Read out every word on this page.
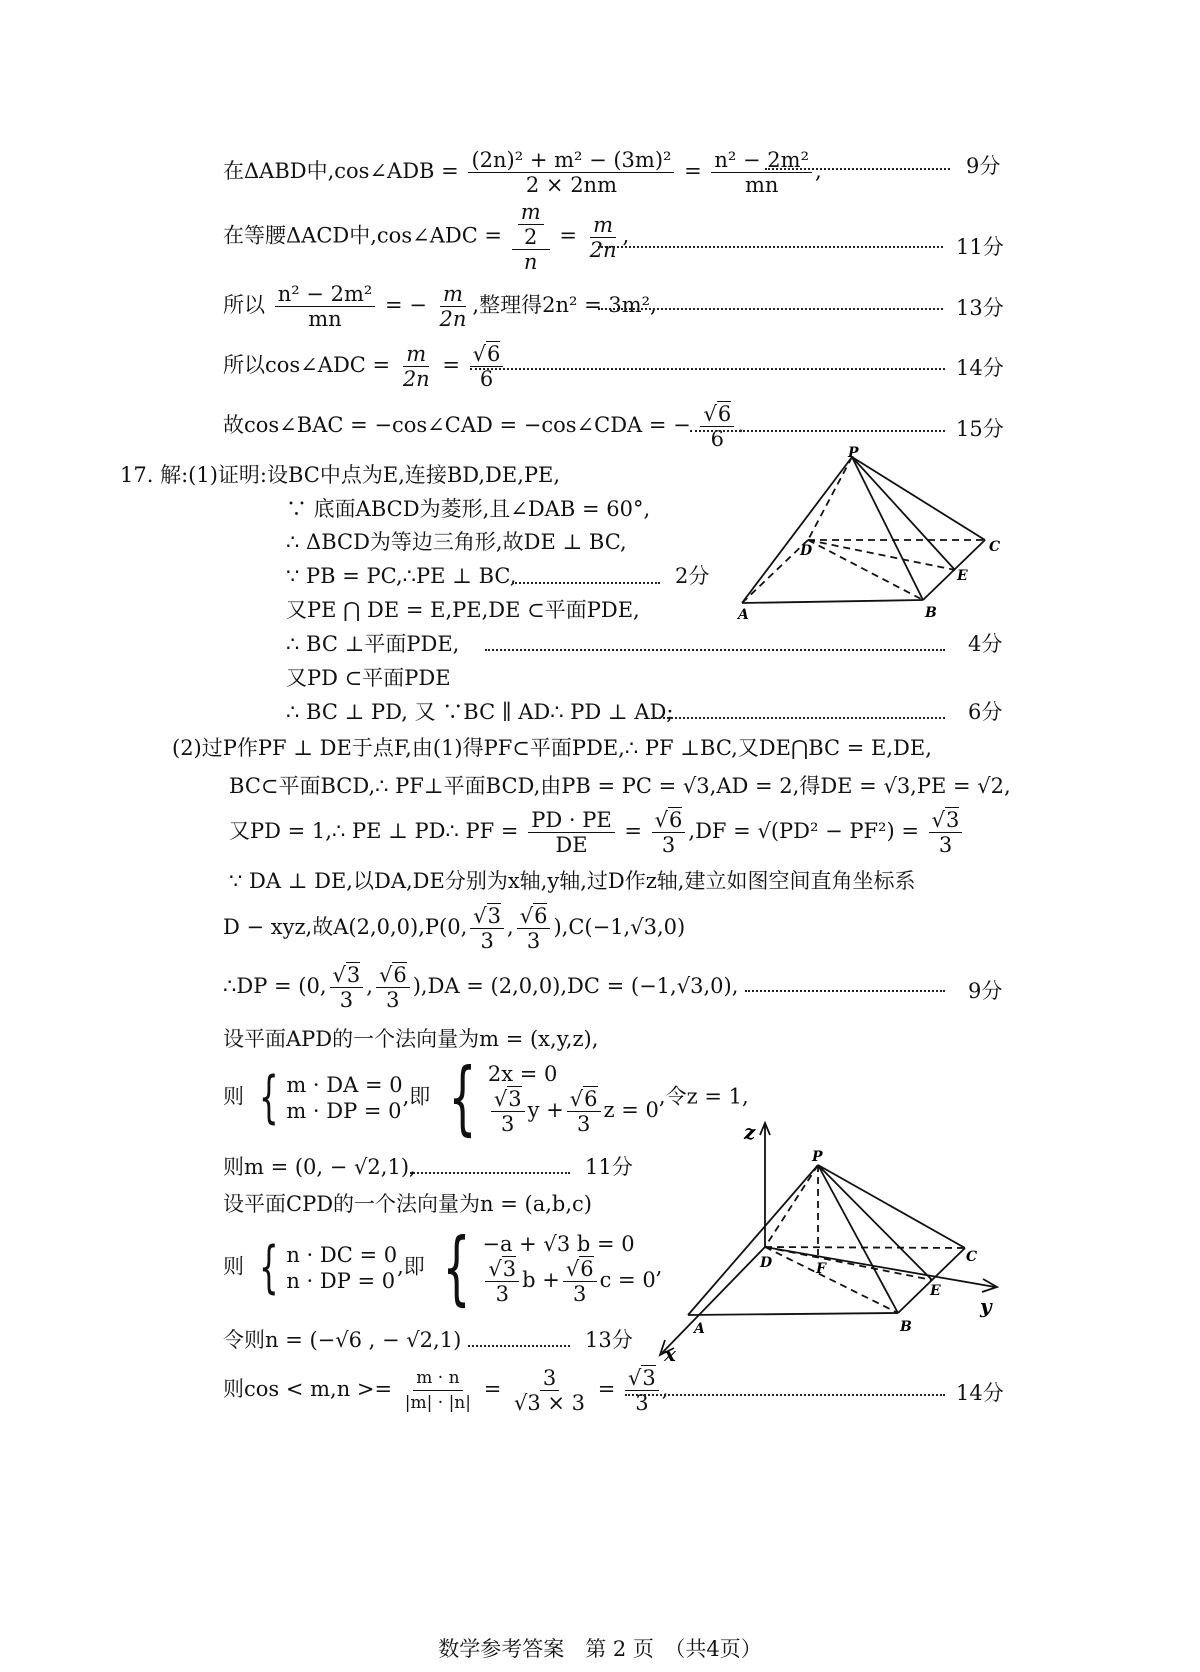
在ΔABD中,cos∠ADB = $\frac{\text{(2n)² + m² − (3m)²}}{2 \times 2nm} = \frac{\text{n² − 2m²}}{mn}$ ,	9分
在等腰ΔACD中,cos∠ADC = $\frac{\frac{m}{2}}{n} = \frac{m}{2n}$ ,	11分
所以 $\frac{\text{n² − 2m²}}{mn}$ = − $\frac{m}{2n}$ ,整理得2n² = 3m²,	13分
所以cos∠ADC = $\frac{m}{2n} = \frac{√6}{6}$	14分
故cos∠BAC = −cos∠CAD = −cos∠CDA = − $\frac{√6}{6}$ .	15分
17. 解:(1)证明:设BC中点为E,连接BD,DE,PE,
∵ 底面ABCD为菱形,且∠DAB = 60°,
∴ ΔBCD为等边三角形,故DE ⊥ BC,
∵ PB = PC,∴PE ⊥ BC,	2分
又PE ⋂ DE = E,PE,DE ⊂平面PDE,
∴ BC ⊥平面PDE,	4分
又PD ⊂平面PDE
∴ BC ⊥ PD, 又 ∵BC ∥ AD∴ PD ⊥ AD;	6分
P
A	B
C
D
E
(2)过P作PF ⊥ DE于点F,由(1)得PF⊂平面PDE,∴ PF ⊥BC,又DE⋂BC = E,DE,
BC⊂平面BCD,∴ PF⊥平面BCD,由PB = PC = √3,AD = 2,得DE = √3,PE = √2,
又PD = 1,∴ PE ⊥ PD∴ PF = $\frac{PD \cdot PE}{DE} = \frac{√6}{3} ,DF = √(PD^2 - PF^2) = \frac{√3}{3}$
∵ DA ⊥ DE,以DA,DE分别为x轴,y轴,过D作z轴,建立如图空间直角坐标系
D − xyz,故A(2,0,0),P(0, $\frac{√3}{3}$ , $\frac{√6}{3} ),C(-1,√3,0)$
∴DP = (0, $\frac{√3}{3}$ , $\frac{√6}{3} ),DA = (2,0,0),DC = (-1,√3,0)$,	9分
设平面APD的一个法向量为m = (x,y,z),
则 { m · DA = 0
m · DP = 0
,即 { 2x = 0
$\frac{√3}{3}$ $y + \frac{√6}{3}$ z = 0
,令z = 1,
则m = (0, − √2,1),	11分
设平面CPD的一个法向量为n = (a,b,c)
则 { n · DC = 0
n · DP = 0
,即 { −a + √3 b = 0
$\frac{√3}{3}$ $b + \frac{√6}{3}$ c = 0
,
令则n = (−√6 , − √2,1)	13分
则$\cos < m,n >= \frac{m \cdot n}{|m| \cdot |n|} = \frac{3}{√3 \times 3} = \frac{√3}{3}$ ,	14分
z
y
x
P
A	B
C
D	F
E
数学参考答案　第 2 页　（共4页）
